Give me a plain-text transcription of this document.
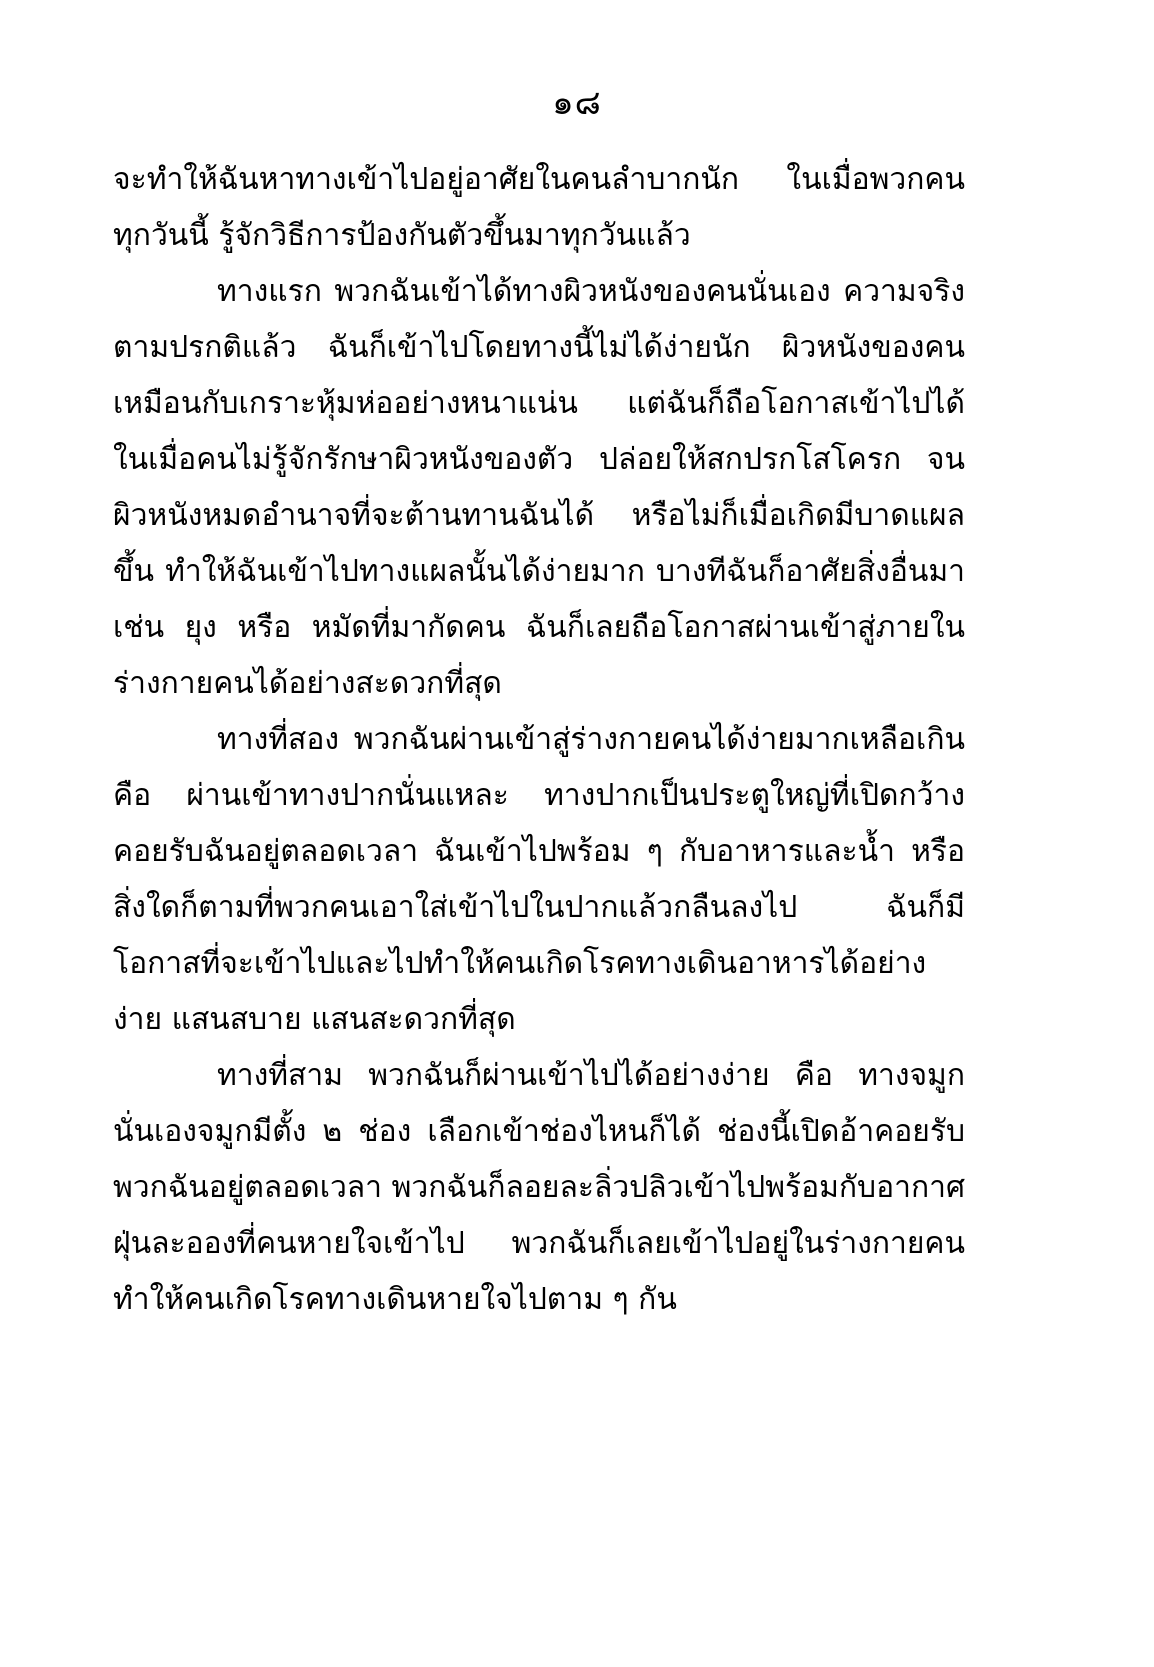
๑๘

จะทำให้ฉันหาทางเข้าไปอยู่อาศัยในคนลำบากนัก ในเมื่อพวกคนทุกวันนี้ รู้จักวิธีการป้องกันตัวขึ้นมาทุกวันแล้ว

ทางแรก พวกฉันเข้าได้ทางผิวหนังของคนนั่นเอง ความจริงตามปรกติแล้ว ฉันก็เข้าไปโดยทางนี้ไม่ได้ง่ายนัก ผิวหนังของคนเหมือนกับเกราะหุ้มห่ออย่างหนาแน่น แต่ฉันก็ถือโอกาสเข้าไปได้ ในเมื่อคนไม่รู้จักรักษาผิวหนังของตัว ปล่อยให้สกปรกโสโครก จนผิวหนังหมดอำนาจที่จะต้านทานฉันได้ หรือไม่ก็เมื่อเกิดมีบาดแผลขึ้น ทำให้ฉันเข้าไปทางแผลนั้นได้ง่ายมาก บางทีฉันก็อาศัยสิ่งอื่นมาเช่น ยุง หรือ หมัดที่มากัดคน ฉันก็เลยถือโอกาสผ่านเข้าสู่ภายในร่างกายคนได้อย่างสะดวกที่สุด

ทางที่สอง พวกฉันผ่านเข้าสู่ร่างกายคนได้ง่ายมากเหลือเกิน คือ ผ่านเข้าทางปากนั่นแหละ ทางปากเป็นประตูใหญ่ที่เปิดกว้างคอยรับฉันอยู่ตลอดเวลา ฉันเข้าไปพร้อม ๆ กับอาหารและน้ำ หรือสิ่งใดก็ตามที่พวกคนเอาใส่เข้าไปในปากแล้วกลืนลงไป ฉันก็มีโอกาสที่จะเข้าไปและไปทำให้คนเกิดโรคทางเดินอาหารได้อย่างง่าย แสนสบาย แสนสะดวกที่สุด

ทางที่สาม พวกฉันก็ผ่านเข้าไปได้อย่างง่าย คือ ทางจมูกนั่นเองจมูกมีตั้ง ๒ ช่อง เลือกเข้าช่องไหนก็ได้ ช่องนี้เปิดอ้าคอยรับพวกฉันอยู่ตลอดเวลา พวกฉันก็ลอยละลิ่วปลิวเข้าไปพร้อมกับอากาศฝุ่นละอองที่คนหายใจเข้าไป พวกฉันก็เลยเข้าไปอยู่ในร่างกายคน ทำให้คนเกิดโรคทางเดินหายใจไปตาม ๆ กัน
